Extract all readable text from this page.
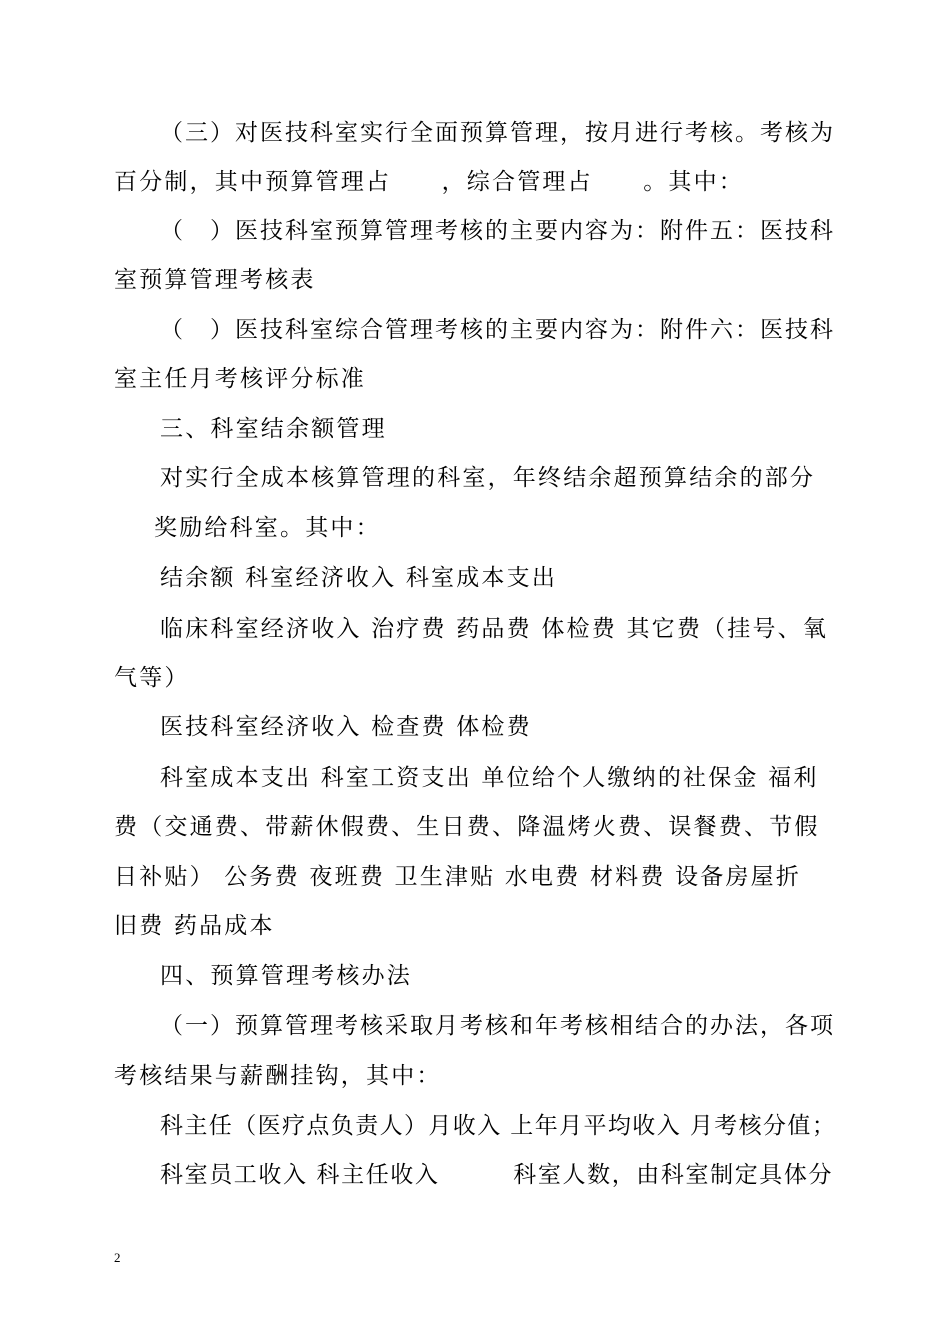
（三）对医技科室实行全面预算管理，按月进行考核。考核为
百分制，其中预算管理占　　，综合管理占　　。其中：
（　）医技科室预算管理考核的主要内容为：附件五：医技科
室预算管理考核表
（　）医技科室综合管理考核的主要内容为：附件六：医技科
室主任月考核评分标准
三、科室结余额管理
对实行全成本核算管理的科室，年终结余超预算结余的部分
奖励给科室。其中：
结余额 科室经济收入 科室成本支出
临床科室经济收入 治疗费 药品费 体检费 其它费（挂号、氧
气等）
医技科室经济收入 检查费 体检费
科室成本支出 科室工资支出 单位给个人缴纳的社保金 福利
费（交通费、带薪休假费、生日费、降温烤火费、误餐费、节假
日补贴） 公务费 夜班费 卫生津贴 水电费 材料费 设备房屋折
旧费 药品成本
四、预算管理考核办法
（一）预算管理考核采取月考核和年考核相结合的办法，各项
考核结果与薪酬挂钩，其中：
科主任（医疗点负责人）月收入 上年月平均收入 月考核分值；
科室员工收入 科主任收入　　　科室人数，由科室制定具体分
2
